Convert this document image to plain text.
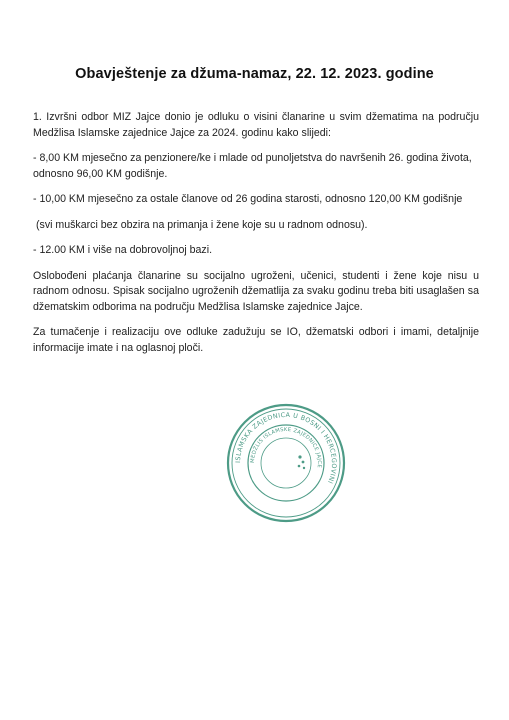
Obavještenje za džuma-namaz, 22. 12. 2023. godine

1. Izvršni odbor MIZ Jajce donio je odluku o visini članarine u svim džematima na području Medžlisa Islamske zajednice Jajce za 2024. godinu kako slijedi:

- 8,00 KM mjesečno za penzionere/ke i mlade od punoljetstva do navršenih 26. godina života, odnosno 96,00 KM godišnje.

- 10,00 KM mjesečno za ostale članove od 26 godina starosti, odnosno 120,00 KM godišnje

(svi muškarci bez obzira na primanja i žene koje su u radnom odnosu).

- 12.00 KM i više na dobrovoljnoj bazi.

Oslobođeni plaćanja članarine su socijalno ugroženi, učenici, studenti i žene koje nisu u radnom odnosu. Spisak socijalno ugroženih džematlija za svaku godinu treba biti usaglašen sa džematskim odborima na području Medžlisa Islamske zajednice Jajce.

Za tumačenje i realizaciju ove odluke zadužuju se IO, džematski odbori i imami, detaljnije informacije imate i na oglasnoj ploči.

ISLAMSKA ZAJEDNICA U BOSNI I HERCEGOVINI
MEDŽLIS ISLAMSKE ZAJEDNICE JAJCE
